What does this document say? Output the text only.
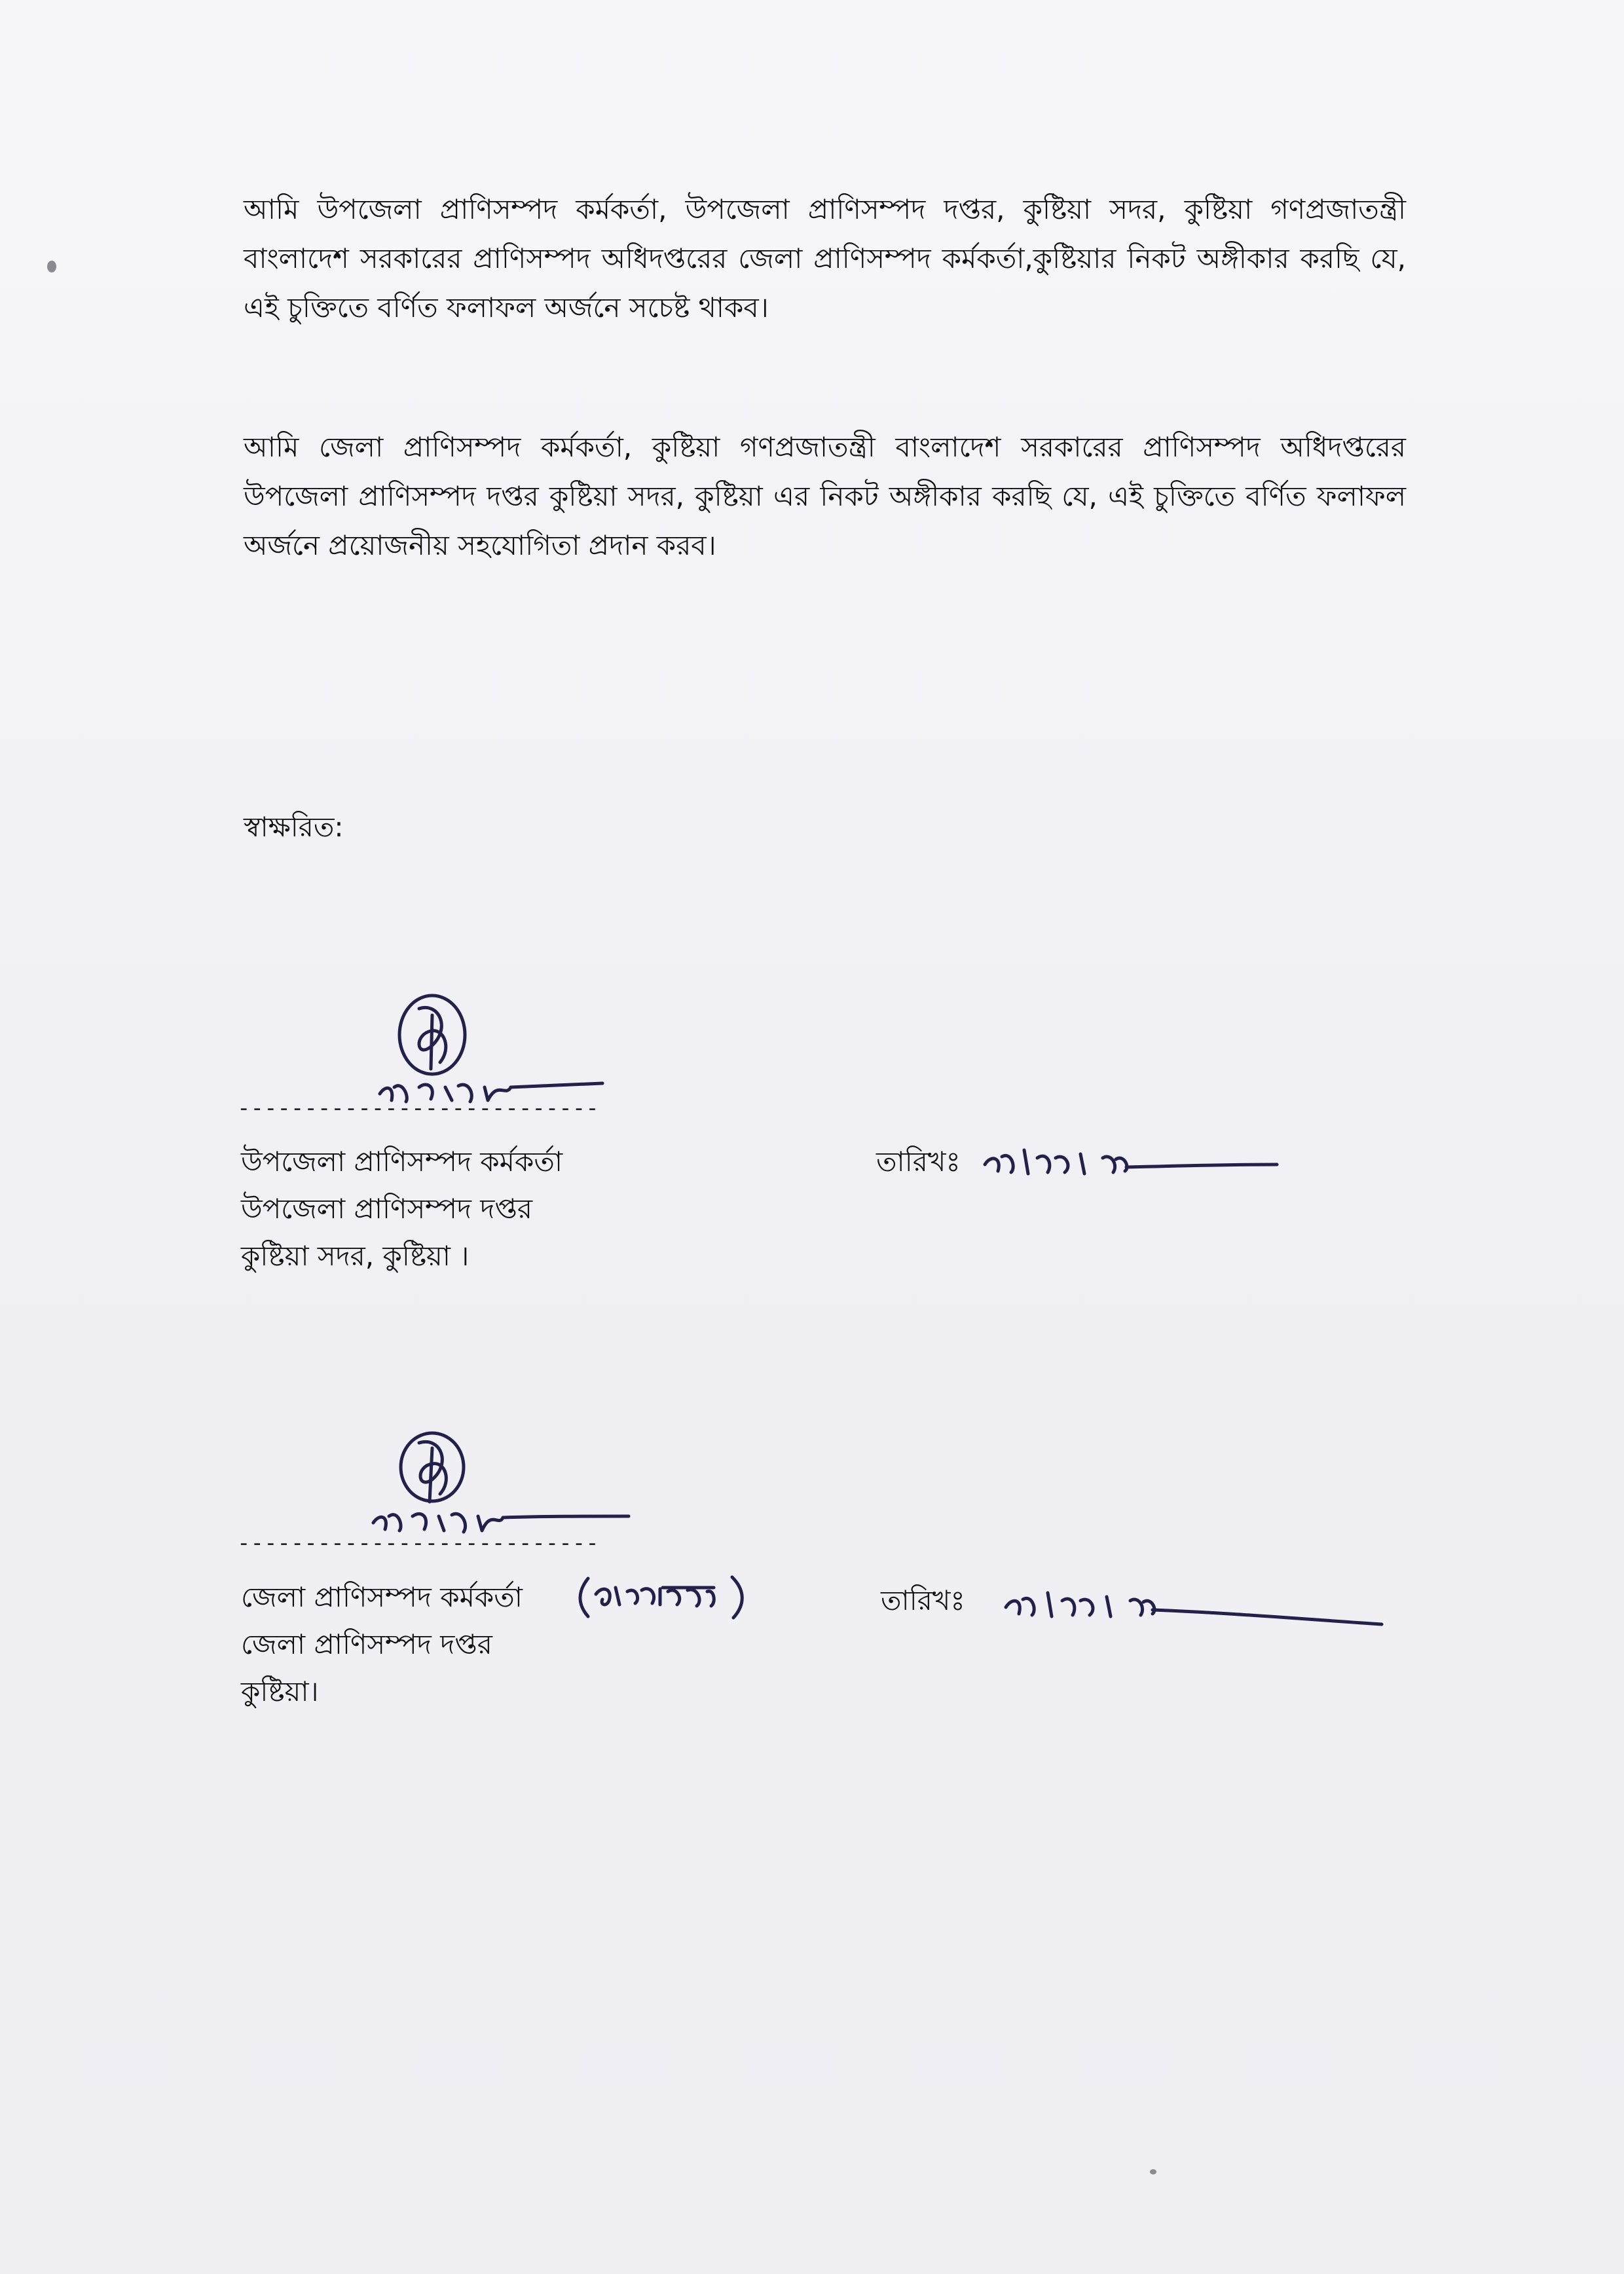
আমি উপজেলা প্রাণিসম্পদ কর্মকর্তা, উপজেলা প্রাণিসম্পদ দপ্তর, কুষ্টিয়া সদর, কুষ্টিয়া গণপ্রজাতন্ত্রী বাংলাদেশ সরকারের প্রাণিসম্পদ অধিদপ্তরের জেলা প্রাণিসম্পদ কর্মকর্তা,কুষ্টিয়ার নিকট অঙ্গীকার করছি যে, এই চুক্তিতে বর্ণিত ফলাফল অর্জনে সচেষ্ট থাকব।
আমি জেলা প্রাণিসম্পদ কর্মকর্তা, কুষ্টিয়া গণপ্রজাতন্ত্রী বাংলাদেশ সরকারের প্রাণিসম্পদ অধিদপ্তরের উপজেলা প্রাণিসম্পদ দপ্তর কুষ্টিয়া সদর, কুষ্টিয়া এর নিকট অঙ্গীকার করছি যে, এই চুক্তিতে বর্ণিত ফলাফল অর্জনে প্রয়োজনীয় সহযোগিতা প্রদান করব।
স্বাক্ষরিত:
---------------------------
উপজেলা প্রাণিসম্পদ কর্মকর্তা
উপজেলা প্রাণিসম্পদ দপ্তর
কুষ্টিয়া সদর, কুষ্টিয়া ।
তারিখঃ
---------------------------
জেলা প্রাণিসম্পদ কর্মকর্তা
জেলা প্রাণিসম্পদ দপ্তর
কুষ্টিয়া।
তারিখঃ
